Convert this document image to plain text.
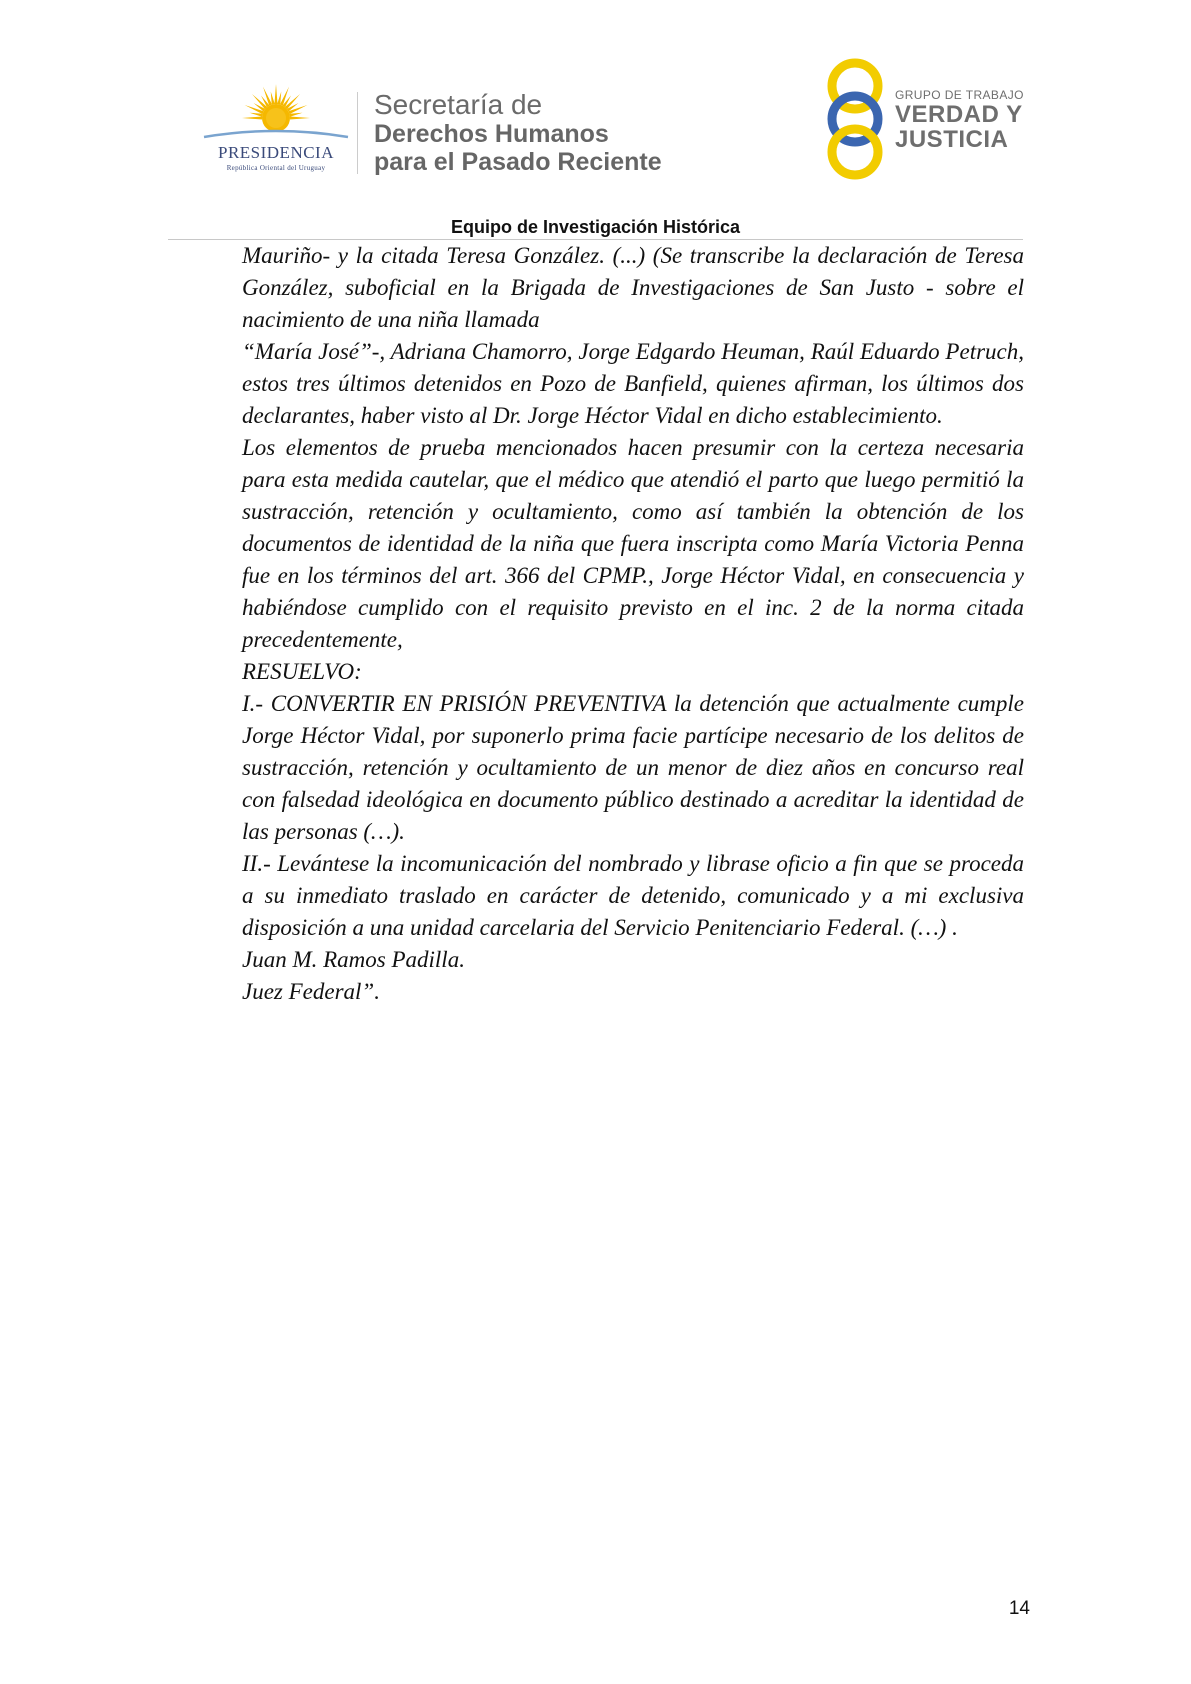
PRESIDENCIA
República Oriental del Uruguay
Secretaría de
Derechos Humanos
para el Pasado Reciente
GRUPO DE TRABAJO
VERDAD Y
JUSTICIA
Equipo de Investigación Histórica

Mauriño- y la citada Teresa González. (...) (Se transcribe la declaración de Teresa González, suboficial en la Brigada de Investigaciones de San Justo - sobre el nacimiento de una niña llamada

“María José”-, Adriana Chamorro, Jorge Edgardo Heuman, Raúl Eduardo Petruch, estos tres últimos detenidos en Pozo de Banfield, quienes afirman, los últimos dos declarantes, haber visto al Dr. Jorge Héctor Vidal en dicho establecimiento.

Los elementos de prueba mencionados hacen presumir con la certeza necesaria para esta medida cautelar, que el médico que atendió el parto que luego permitió la sustracción, retención y ocultamiento, como así también la obtención de los documentos de identidad de la niña que fuera inscripta como María Victoria Penna fue en los términos del art. 366 del CPMP., Jorge Héctor Vidal, en consecuencia y habiéndose cumplido con el requisito previsto en el inc. 2 de la norma citada precedentemente,

RESUELVO:

I.- CONVERTIR EN PRISIÓN PREVENTIVA la detención que actualmente cumple Jorge Héctor Vidal, por suponerlo prima facie partícipe necesario de los delitos de sustracción, retención y ocultamiento de un menor de diez años en concurso real con falsedad ideológica en documento público destinado a acreditar la identidad de las personas (…).

II.- Levántese la incomunicación del nombrado y librase oficio a fin que se proceda a su inmediato traslado en carácter de detenido, comunicado y a mi exclusiva disposición a una unidad carcelaria del Servicio Penitenciario Federal. (…) .

Juan M. Ramos Padilla.

Juez Federal”.

14
